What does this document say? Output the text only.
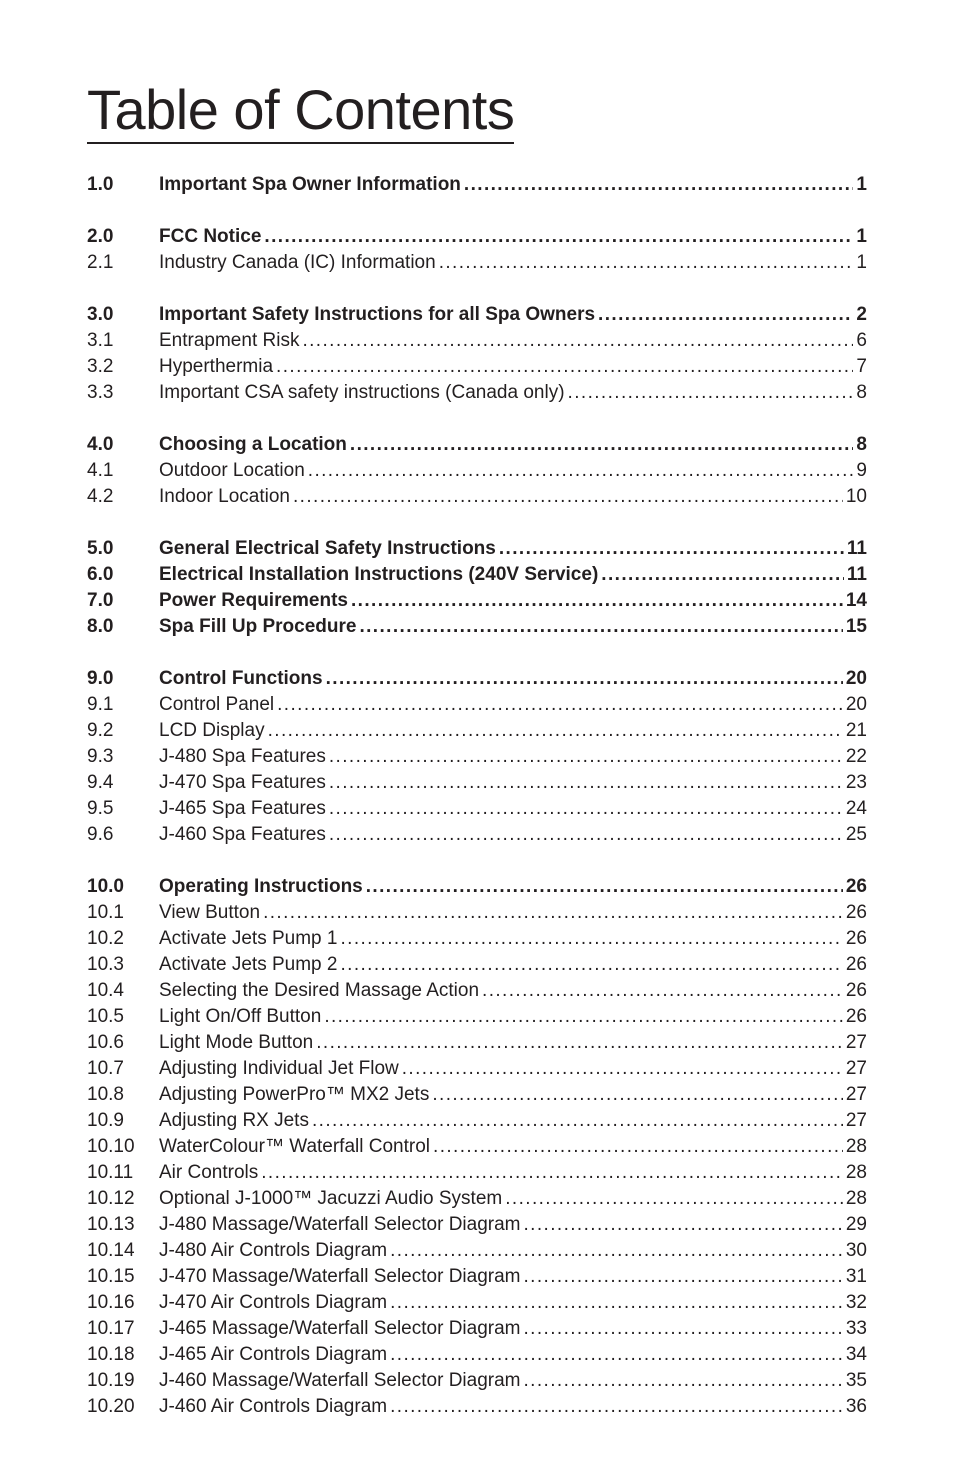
Table of Contents
1.0	Important Spa Owner Information .....	1
2.0	FCC Notice .....	1
2.1	Industry Canada (IC) Information .....	1
3.0	Important Safety Instructions for all Spa Owners .....	2
3.1	Entrapment Risk .....	6
3.2	Hyperthermia .....	7
3.3	Important CSA safety instructions (Canada only) .....	8
4.0	Choosing a Location .....	8
4.1	Outdoor Location .....	9
4.2	Indoor Location .....	10
5.0	General Electrical Safety Instructions .....	11
6.0	Electrical Installation Instructions (240V Service) .....	11
7.0	Power Requirements .....	14
8.0	Spa Fill Up Procedure .....	15
9.0	Control Functions .....	20
9.1	Control Panel .....	20
9.2	LCD Display .....	21
9.3	J-480 Spa Features .....	22
9.4	J-470 Spa Features .....	23
9.5	J-465 Spa Features .....	24
9.6	J-460 Spa Features .....	25
10.0	Operating Instructions .....	26
10.1	View Button .....	26
10.2	Activate Jets Pump 1 .....	26
10.3	Activate Jets Pump 2 .....	26
10.4	Selecting the Desired Massage Action .....	26
10.5	Light On/Off Button .....	26
10.6	Light Mode Button .....	27
10.7	Adjusting Individual Jet Flow .....	27
10.8	Adjusting PowerPro™ MX2 Jets .....	27
10.9	Adjusting RX Jets .....	27
10.10	WaterColour™ Waterfall Control .....	28
10.11	Air Controls .....	28
10.12	Optional J-1000™ Jacuzzi Audio System .....	28
10.13	J-480 Massage/Waterfall Selector Diagram .....	29
10.14	J-480 Air Controls Diagram .....	30
10.15	J-470 Massage/Waterfall Selector Diagram .....	31
10.16	J-470 Air Controls Diagram .....	32
10.17	J-465 Massage/Waterfall Selector Diagram .....	33
10.18	J-465 Air Controls Diagram .....	34
10.19	J-460 Massage/Waterfall Selector Diagram .....	35
10.20	J-460 Air Controls Diagram .....	36
